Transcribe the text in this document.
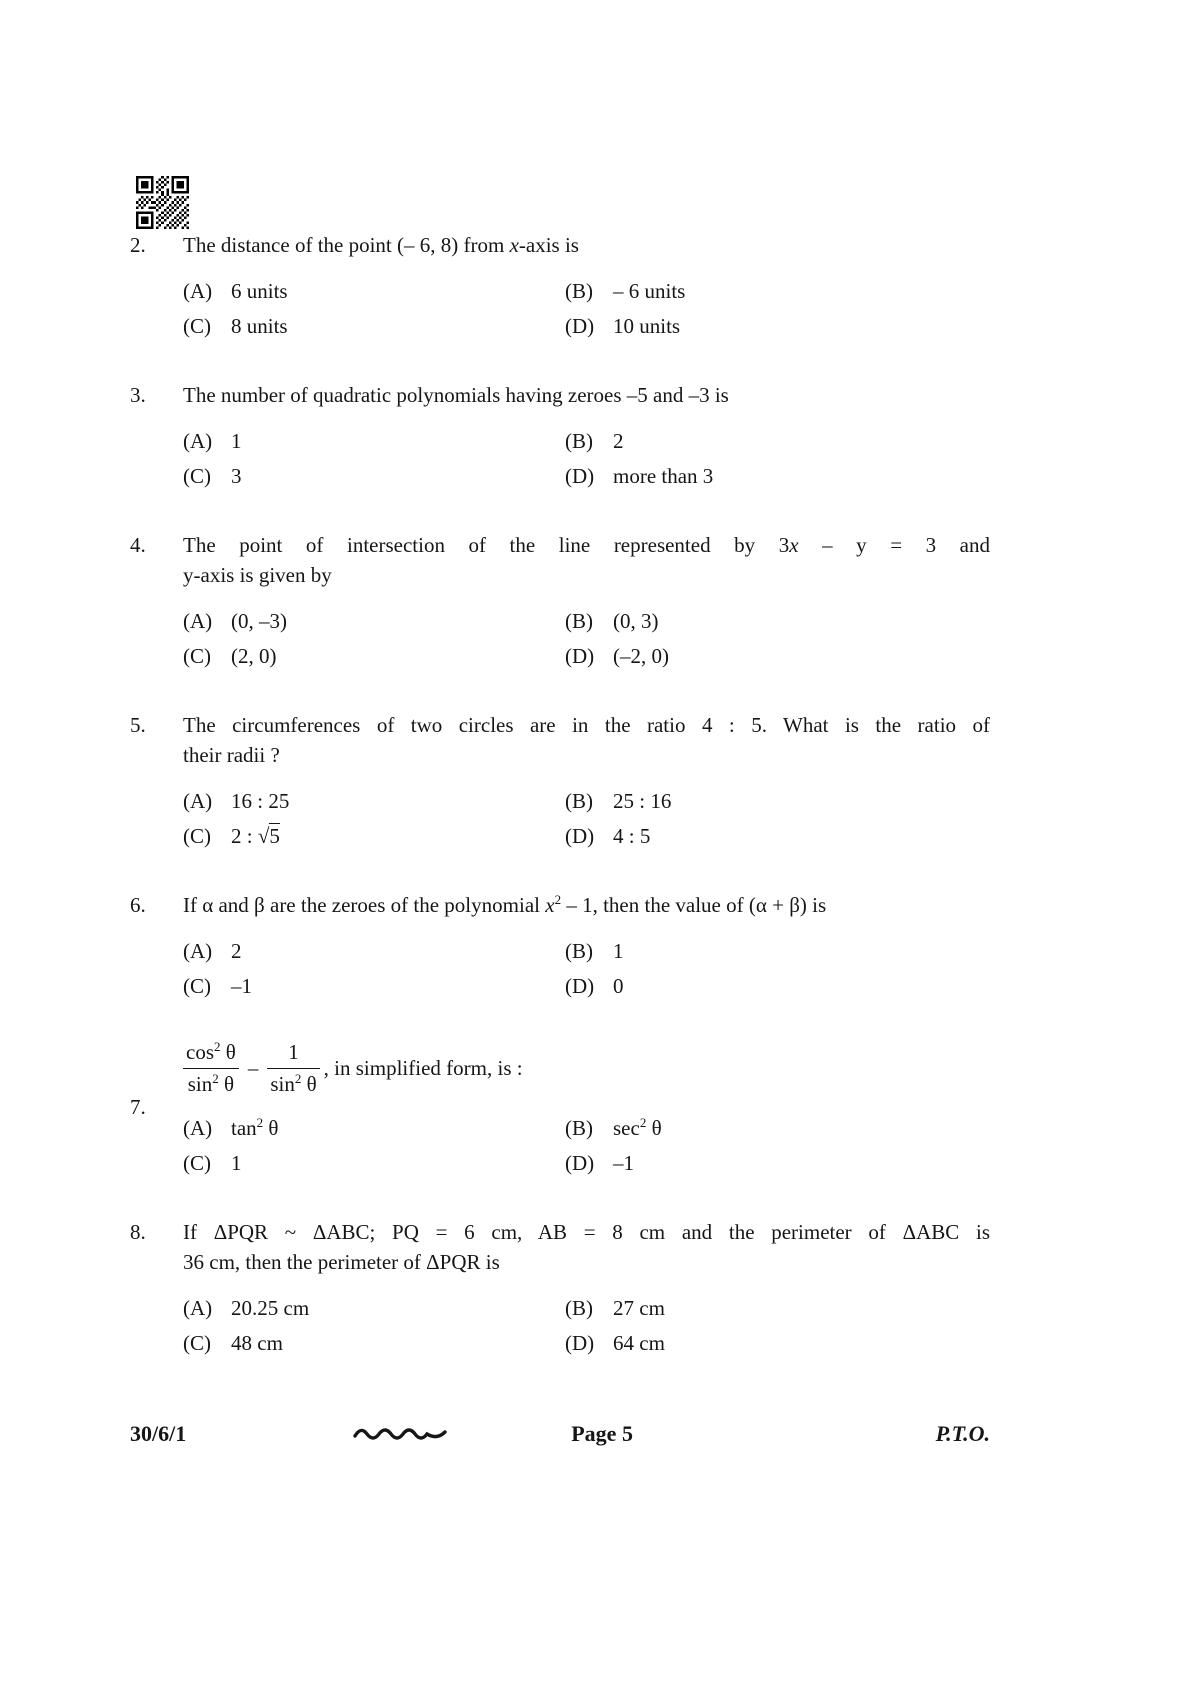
2.	The distance of the point (– 6, 8) from x-axis is
(A) 6 units	(B) – 6 units
(C) 8 units	(D) 10 units
3.	The number of quadratic polynomials having zeroes –5 and –3 is
(A) 1	(B) 2
(C) 3	(D) more than 3
4.	The point of intersection of the line represented by 3x – y = 3 and
y-axis is given by
(A) (0, –3)	(B) (0, 3)
(C) (2, 0)	(D) (–2, 0)
5.	The circumferences of two circles are in the ratio 4 : 5. What is the ratio of
their radii ?
(A) 16 : 25	(B) 25 : 16
(C) 2 : √5	(D) 4 : 5
6.	If α and β are the zeroes of the polynomial $x^2 - 1$, then the value of (α + β) is
(A) 2	(B) 1
(C) –1	(D) 0
7.
$\frac{\cos^2 \theta}{\sin^2 \theta} - \frac{1}{\sin^2 \theta}$ , in simplified form, is :
(A) $\tan^2 \theta$	(B) $\sec^2 \theta$
(C) 1	(D) –1
8.	If ΔPQR ~ ΔABC; PQ = 6 cm, AB = 8 cm and the perimeter of ΔABC is
36 cm, then the perimeter of ΔPQR is
(A) 20.25 cm	(B) 27 cm
(C) 48 cm	(D) 64 cm
30/6/1	Page 5	P.T.O.
